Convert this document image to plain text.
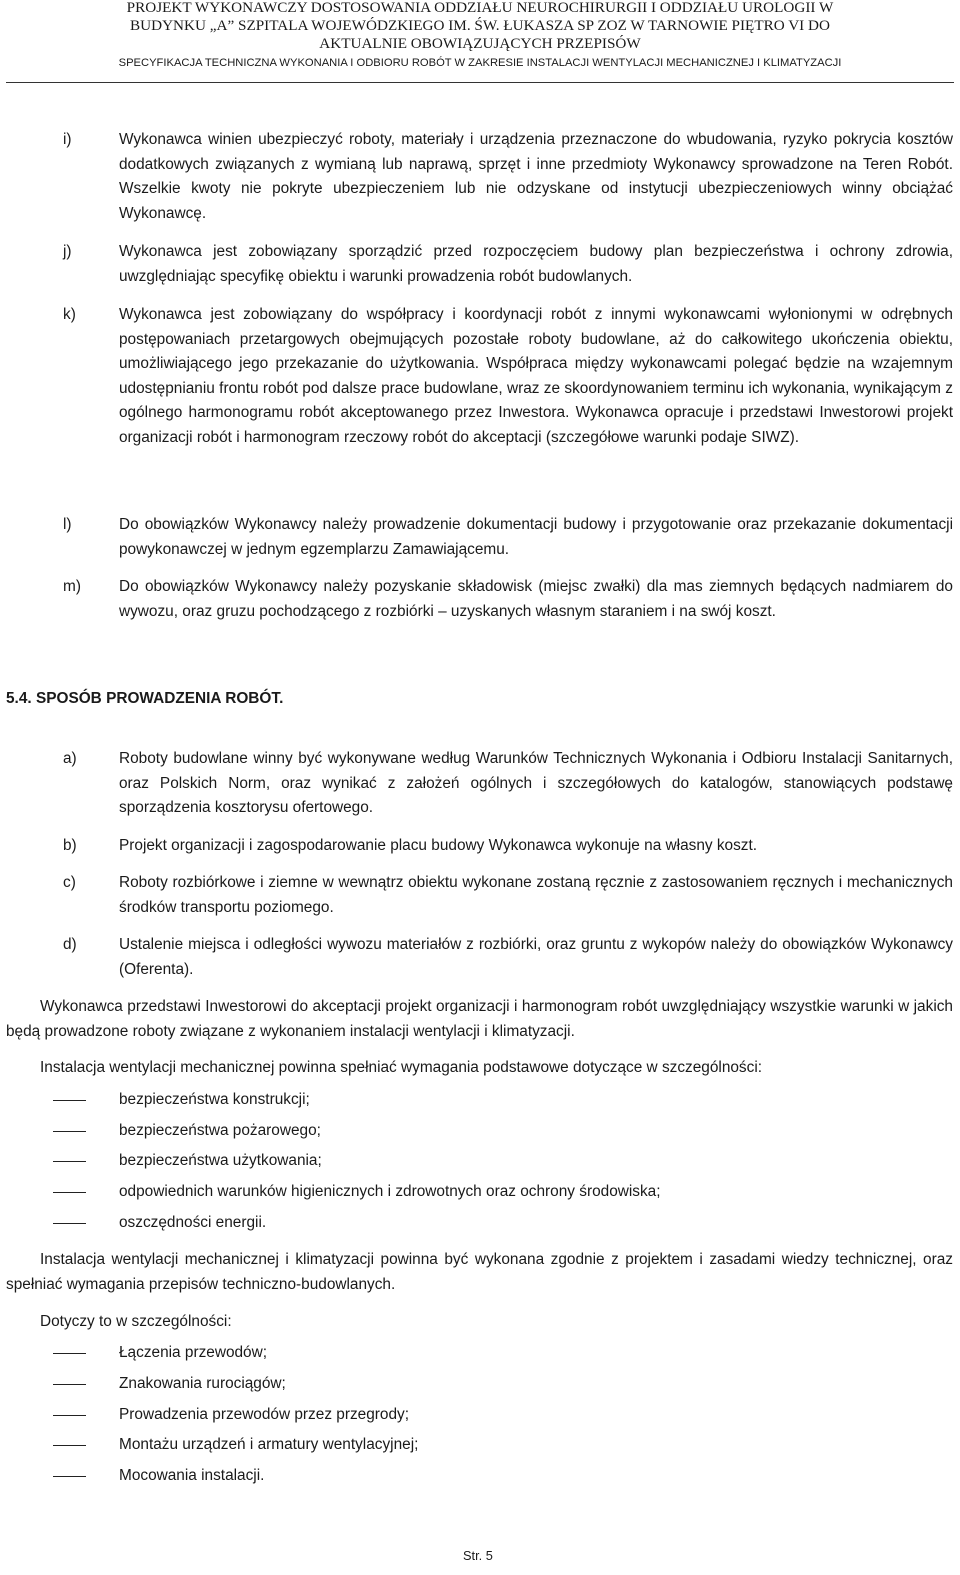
PROJEKT WYKONAWCZY DOSTOSOWANIA ODDZIAŁU NEUROCHIRURGII I ODDZIAŁU UROLOGII W
BUDYNKU „A” SZPITALA WOJEWÓDZKIEGO IM. ŚW. ŁUKASZA SP ZOZ W TARNOWIE PIĘTRO VI DO
AKTUALNIE OBOWIĄZUJĄCYCH PRZEPISÓW
SPECYFIKACJA TECHNICZNA WYKONANIA I ODBIORU ROBÓT W ZAKRESIE INSTALACJI WENTYLACJI MECHANICZNEJ I KLIMATYZACJI
i)	Wykonawca winien ubezpieczyć roboty, materiały i urządzenia przeznaczone do wbudowania, ryzyko pokrycia kosztów dodatkowych związanych z wymianą lub naprawą, sprzęt i inne przedmioty Wykonawcy sprowadzone na Teren Robót. Wszelkie kwoty nie pokryte ubezpieczeniem lub nie odzyskane od instytucji ubezpieczeniowych winny obciążać Wykonawcę.
j)	Wykonawca jest zobowiązany sporządzić przed rozpoczęciem budowy plan bezpieczeństwa i ochrony zdrowia, uwzględniając specyfikę obiektu i warunki prowadzenia robót budowlanych.
k)	Wykonawca jest zobowiązany do współpracy i koordynacji robót z innymi wykonawcami wyłonionymi w odrębnych postępowaniach przetargowych obejmujących pozostałe roboty budowlane, aż do całkowitego ukończenia obiektu, umożliwiającego jego przekazanie do użytkowania. Współpraca między wykonawcami polegać będzie na wzajemnym udostępnianiu frontu robót pod dalsze prace budowlane, wraz ze skoordynowaniem terminu ich wykonania, wynikającym z ogólnego harmonogramu robót akceptowanego przez Inwestora. Wykonawca opracuje i przedstawi Inwestorowi projekt organizacji robót i harmonogram rzeczowy robót do akceptacji (szczegółowe warunki podaje SIWZ).
l)	Do obowiązków Wykonawcy należy prowadzenie dokumentacji budowy i przygotowanie oraz przekazanie dokumentacji powykonawczej w jednym egzemplarzu Zamawiającemu.
m) Do obowiązków Wykonawcy należy pozyskanie składowisk (miejsc zwałki) dla mas ziemnych będących nadmiarem do wywozu, oraz gruzu pochodzącego z rozbiórki – uzyskanych własnym staraniem i na swój koszt.
5.4. SPOSÓB PROWADZENIA ROBÓT.
a)	Roboty budowlane winny być wykonywane według Warunków Technicznych Wykonania i Odbioru Instalacji Sanitarnych, oraz Polskich Norm, oraz wynikać z założeń ogólnych i szczegółowych do katalogów, stanowiących podstawę sporządzenia kosztorysu ofertowego.
b)	Projekt organizacji i zagospodarowanie placu budowy Wykonawca wykonuje na własny koszt.
c)	Roboty rozbiórkowe i ziemne w wewnątrz obiektu wykonane zostaną ręcznie z zastosowaniem ręcznych i mechanicznych środków transportu poziomego.
d)	Ustalenie miejsca i odległości wywozu materiałów z rozbiórki, oraz gruntu z wykopów należy do obowiązków Wykonawcy (Oferenta).
Wykonawca przedstawi Inwestorowi do akceptacji projekt organizacji i harmonogram robót uwzględniający wszystkie warunki w jakich będą prowadzone roboty związane z wykonaniem instalacji wentylacji i klimatyzacji.
Instalacja wentylacji mechanicznej powinna spełniać wymagania podstawowe dotyczące w szczególności:
bezpieczeństwa konstrukcji;
bezpieczeństwa pożarowego;
bezpieczeństwa użytkowania;
odpowiednich warunków higienicznych i zdrowotnych oraz ochrony środowiska;
oszczędności energii.
Instalacja wentylacji mechanicznej i klimatyzacji powinna być wykonana zgodnie z projektem i zasadami wiedzy technicznej, oraz spełniać wymagania przepisów techniczno-budowlanych.
Dotyczy to w szczególności:
Łączenia przewodów;
Znakowania rurociągów;
Prowadzenia przewodów przez przegrody;
Montażu urządzeń i armatury wentylacyjnej;
Mocowania instalacji.
Str. 5
